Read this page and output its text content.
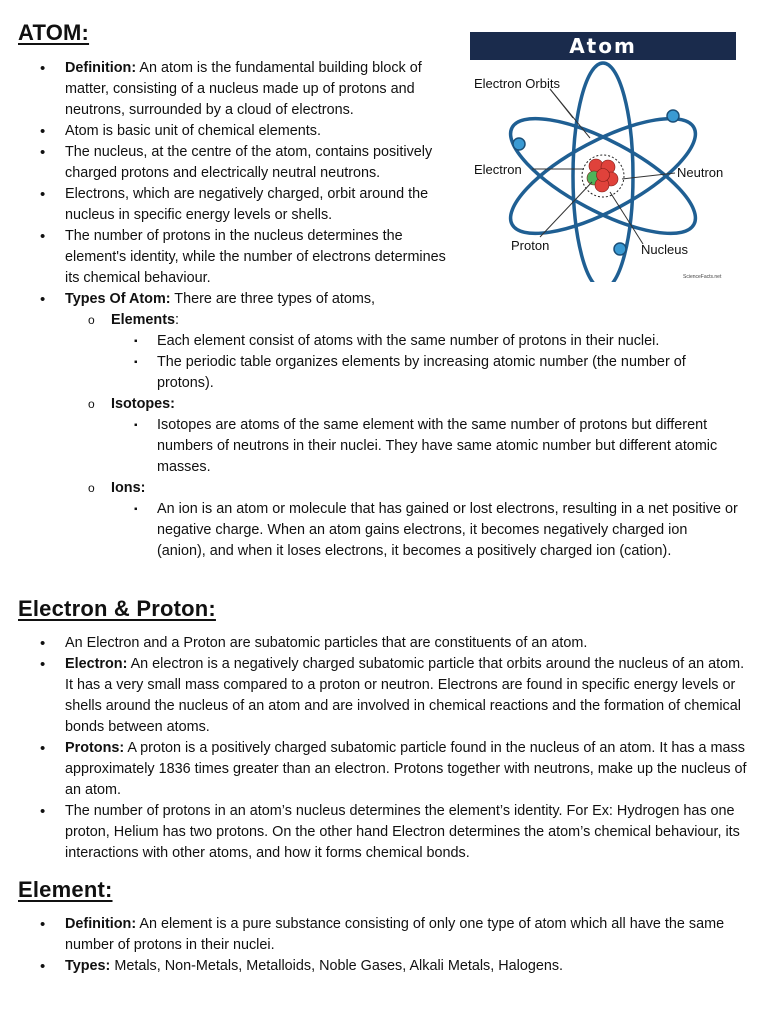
ATOM:
Atom
Electron Orbits
Electron	Neutron
Proton	Nucleus
ScienceFacts.net
• Definition: An atom is the fundamental building block of matter, consisting of a nucleus made up of protons and neutrons, surrounded by a cloud of electrons.
• Atom is basic unit of chemical elements.
• The nucleus, at the centre of the atom, contains positively charged protons and electrically neutral neutrons.
• Electrons, which are negatively charged, orbit around the nucleus in specific energy levels or shells.
• The number of protons in the nucleus determines the element's identity, while the number of electrons determines its chemical behaviour.
• Types Of Atom: There are three types of atoms,
o Elements:
▪ Each element consist of atoms with the same number of protons in their nuclei.
▪ The periodic table organizes elements by increasing atomic number (the number of protons).
o Isotopes:
▪ Isotopes are atoms of the same element with the same number of protons but different numbers of neutrons in their nuclei. They have same atomic number but different atomic masses.
o Ions:
▪ An ion is an atom or molecule that has gained or lost electrons, resulting in a net positive or negative charge. When an atom gains electrons, it becomes negatively charged ion (anion), and when it loses electrons, it becomes a positively charged ion (cation).
Electron & Proton:
• An Electron and a Proton are subatomic particles that are constituents of an atom.
• Electron: An electron is a negatively charged subatomic particle that orbits around the nucleus of an atom. It has a very small mass compared to a proton or neutron. Electrons are found in specific energy levels or shells around the nucleus of an atom and are involved in chemical reactions and the formation of chemical bonds between atoms.
• Protons: A proton is a positively charged subatomic particle found in the nucleus of an atom. It has a mass approximately 1836 times greater than an electron. Protons together with neutrons, make up the nucleus of an atom.
• The number of protons in an atom’s nucleus determines the element’s identity. For Ex: Hydrogen has one proton, Helium has two protons. On the other hand Electron determines the atom’s chemical behaviour, its interactions with other atoms, and how it forms chemical bonds.
Element:
• Definition: An element is a pure substance consisting of only one type of atom which all have the same number of protons in their nuclei.
• Types: Metals, Non-Metals, Metalloids, Noble Gases, Alkali Metals, Halogens.
